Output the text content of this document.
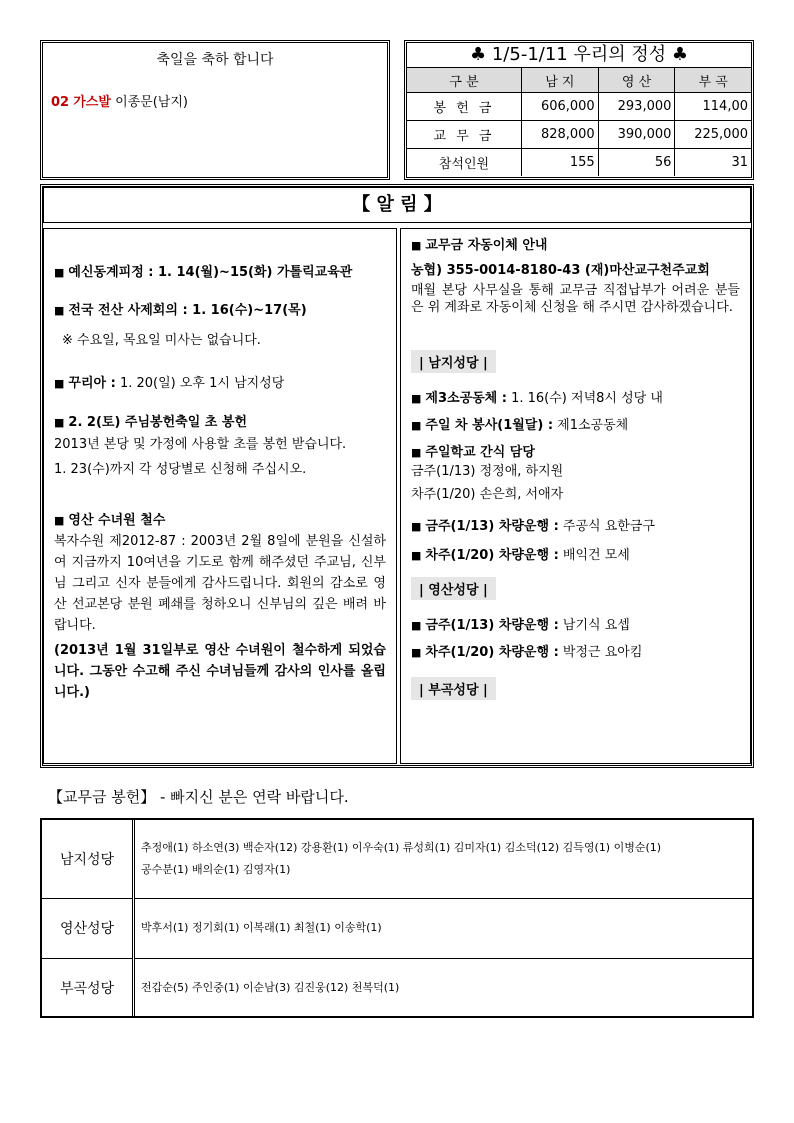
축일을 축하 합니다
02 가스발 이종문(남지)
♣ 1/5-1/11 우리의 정성 ♣
구 분	남 지	영 산	부 곡
봉 헌 금	606,000	293,000	114,00
교 무 금	828,000	390,000	225,000
참석인원	155	56	31
【 알 림 】
■ 예신동계피정 : 1. 14(월)~15(화) 가톨릭교육관
■ 전국 전산 사제회의 : 1. 16(수)~17(목)
※ 수요일, 목요일 미사는 없습니다.
■ 꾸리아 : 1. 20(일) 오후 1시 남지성당
■ 2. 2(토) 주님봉헌축일 초 봉헌
2013년 본당 및 가정에 사용할 초를 봉헌 받습니다.
1. 23(수)까지 각 성당별로 신청해 주십시오.
■ 영산 수녀원 철수
복자수원 제2012-87 : 2003년 2월 8일에 분원을 신설하여 지금까지 10여년을 기도로 함께 해주셨던 주교님, 신부님 그리고 신자 분들에게 감사드립니다. 회원의 감소로 영산 선교본당 분원 폐쇄를 청하오니 신부님의 깊은 배려 바랍니다.
(2013년 1월 31일부로 영산 수녀원이 철수하게 되었습니다. 그동안 수고해 주신 수녀님들께 감사의 인사를 올립니다.)
■ 교무금 자동이체 안내
농협) 355-0014-8180-43 (재)마산교구천주교회
매월 본당 사무실을 통해 교무금 직접납부가 어려운 분들은 위 계좌로 자동이체 신청을 해 주시면 감사하겠습니다.
| 남지성당 |
■ 제3소공동체 : 1. 16(수) 저녁8시 성당 내
■ 주일 차 봉사(1월달) : 제1소공동체
■ 주일학교 간식 담당
금주(1/13) 정정애, 하지원
차주(1/20) 손은희, 서애자
■ 금주(1/13) 차량운행 : 주공식 요한금구
■ 차주(1/20) 차량운행 : 배익건 모세
| 영산성당 |
■ 금주(1/13) 차량운행 : 남기식 요셉
■ 차주(1/20) 차량운행 : 박정근 요아킴
| 부곡성당 |
【교무금 봉헌】 - 빠지신 분은 연락 바랍니다.
남지성당	추정애(1) 하소연(3) 백순자(12) 강용환(1) 이우숙(1) 류성희(1) 김미자(1) 김소덕(12) 김득영(1) 이병순(1)
공수분(1) 배의순(1) 김영자(1)

영산성당	박후서(1) 정기회(1) 이복래(1) 최철(1) 이송학(1)

부곡성당	전갑순(5) 주인중(1) 이순남(3) 김진웅(12) 천복덕(1)
